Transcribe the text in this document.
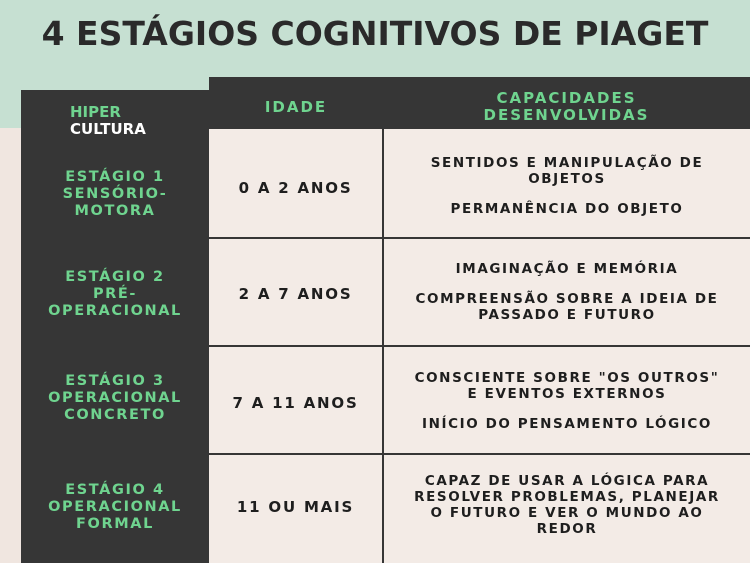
4 ESTÁGIOS COGNITIVOS DE PIAGET
HIPER
CULTURA
IDADE	CAPACIDADES
DESENVOLVIDAS
ESTÁGIO 1
SENSÓRIO-
MOTORA
0 A 2 ANOS
SENTIDOS E MANIPULAÇÃO DE
OBJETOS
PERMANÊNCIA DO OBJETO
ESTÁGIO 2
PRÉ-
OPERACIONAL
2 A 7 ANOS
IMAGINAÇÃO E MEMÓRIA
COMPREENSÃO SOBRE A IDEIA DE
PASSADO E FUTURO
ESTÁGIO 3
OPERACIONAL
CONCRETO
7 A 11 ANOS
CONSCIENTE SOBRE "OS OUTROS"
E EVENTOS EXTERNOS
INÍCIO DO PENSAMENTO LÓGICO
ESTÁGIO 4
OPERACIONAL
FORMAL
11 OU MAIS
CAPAZ DE USAR A LÓGICA PARA
RESOLVER PROBLEMAS, PLANEJAR
O FUTURO E VER O MUNDO AO
REDOR
